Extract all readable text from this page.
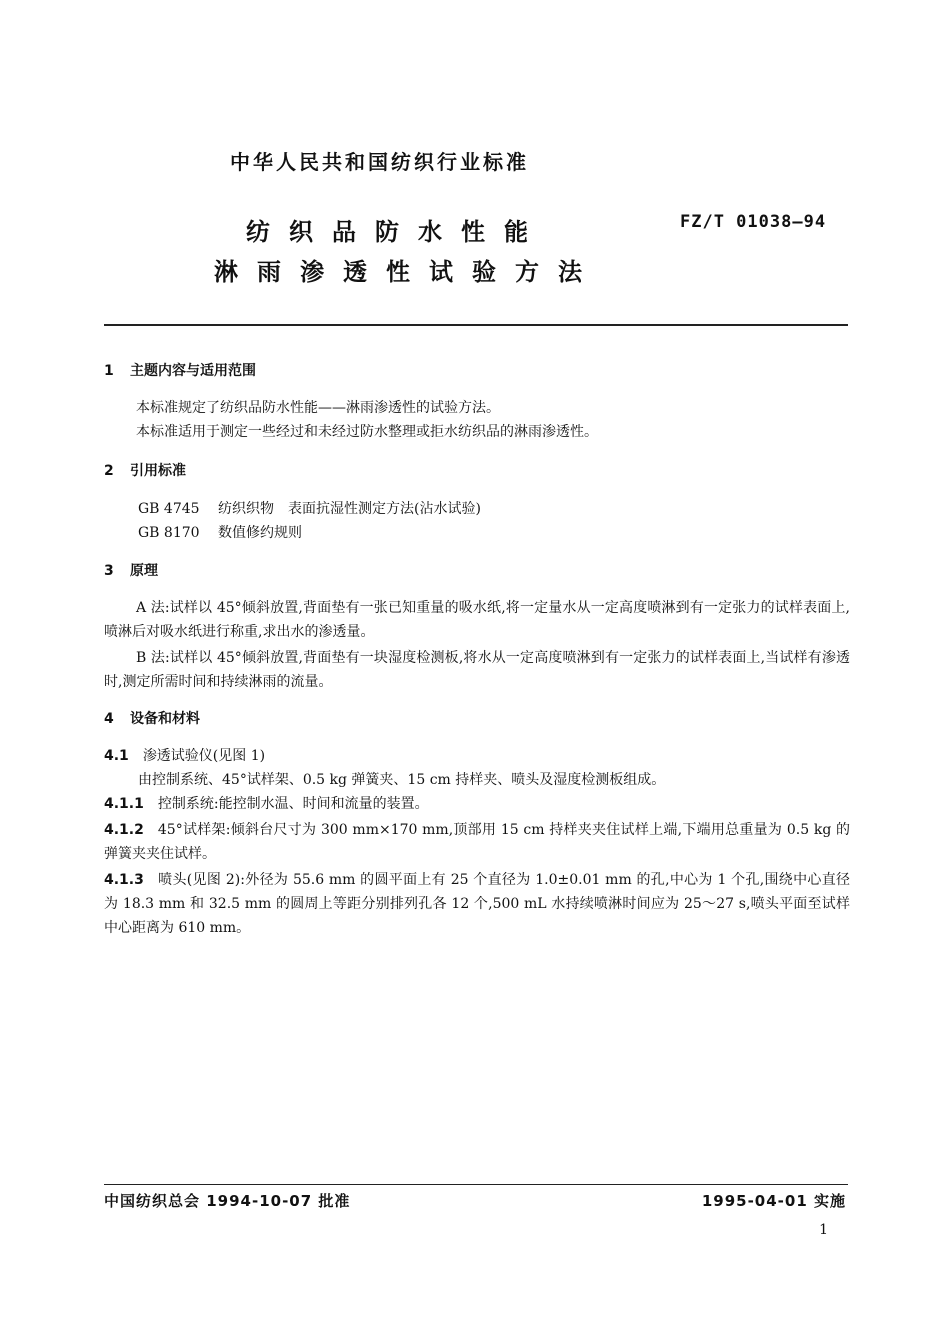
中华人民共和国纺织行业标准
纺织品防水性能
淋雨渗透性试验方法
FZ/T 01038—94
1 主题内容与适用范围
本标准规定了纺织品防水性能——淋雨渗透性的试验方法。
本标准适用于测定一些经过和未经过防水整理或拒水纺织品的淋雨渗透性。
2 引用标准
GB 4745 纺织织物　表面抗湿性测定方法(沾水试验)
GB 8170 数值修约规则
3 原理
A 法:试样以 45°倾斜放置,背面垫有一张已知重量的吸水纸,将一定量水从一定高度喷淋到有一定张力的试样表面上,喷淋后对吸水纸进行称重,求出水的渗透量。
B 法:试样以 45°倾斜放置,背面垫有一块湿度检测板,将水从一定高度喷淋到有一定张力的试样表面上,当试样有渗透时,测定所需时间和持续淋雨的流量。
4 设备和材料
4.1 渗透试验仪(见图 1)
由控制系统、45°试样架、0.5 kg 弹簧夹、15 cm 持样夹、喷头及湿度检测板组成。
4.1.1 控制系统:能控制水温、时间和流量的装置。
4.1.2 45°试样架:倾斜台尺寸为 300 mm×170 mm,顶部用 15 cm 持样夹夹住试样上端,下端用总重量为 0.5 kg 的弹簧夹夹住试样。
4.1.3 喷头(见图 2):外径为 55.6 mm 的圆平面上有 25 个直径为 1.0±0.01 mm 的孔,中心为 1 个孔,围绕中心直径为 18.3 mm 和 32.5 mm 的圆周上等距分别排列孔各 12 个,500 mL 水持续喷淋时间应为 25～27 s,喷头平面至试样中心距离为 610 mm。
中国纺织总会 1994-10-07 批准	1995-04-01 实施
1
